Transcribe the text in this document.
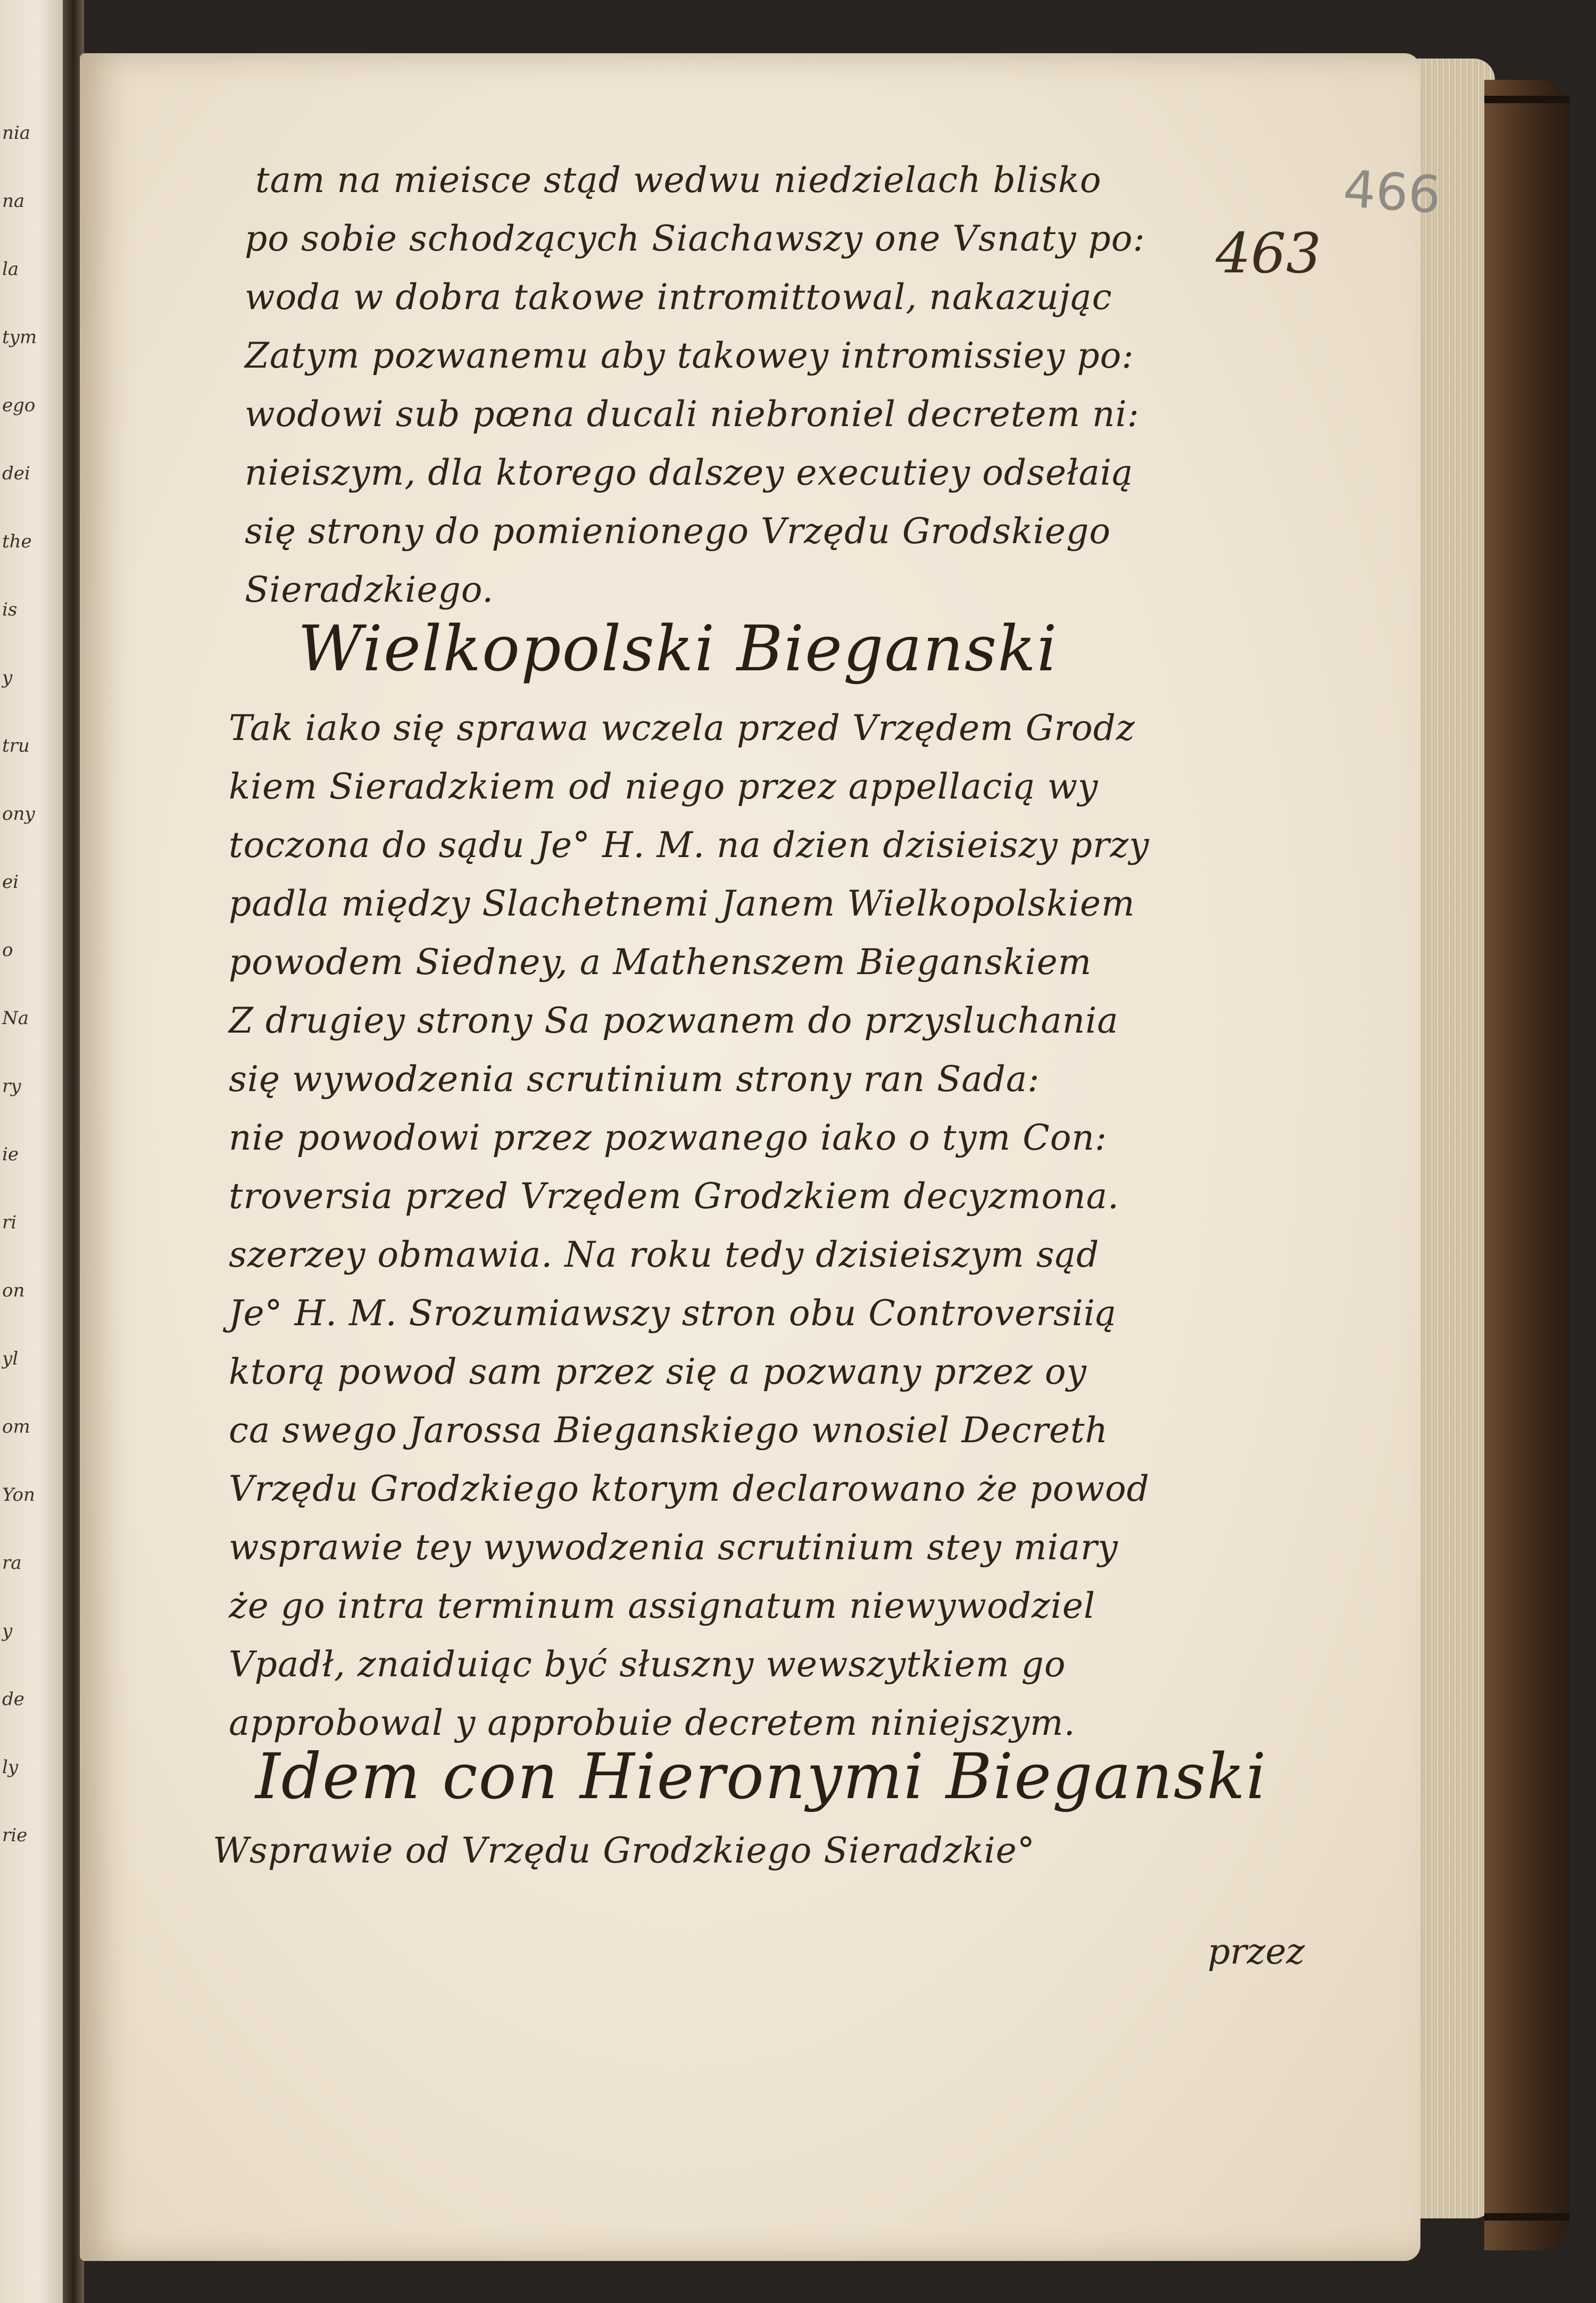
nia
na
la
tym
ego
dei
the
is
y
tru
ony
ei
o
Na
ry
ie
ri
on
yl
om
Yon
ra
y
de
ly
rie
466
463
tam na mieisce stąd wedwu niedzielach blisko
po sobie schodzących Siachawszy one Vsnaty po:
woda w dobra takowe intromittowal, nakazując
Zatym pozwanemu aby takowey intromissiey po:
wodowi sub pœna ducali niebroniel decretem ni:
nieiszym, dla ktorego dalszey executiey odsełaią
się strony do pomienionego Vrzędu Grodskiego
Sieradzkiego.
Wielkopolski Bieganski
Tak iako się sprawa wczela przed Vrzędem Grodz
kiem Sieradzkiem od niego przez appellacią wy
toczona do sądu Je° H. M. na dzien dzisieiszy przy
padla między Slachetnemi Janem Wielkopolskiem
powodem Siedney, a Mathenszem Bieganskiem
Z drugiey strony Sa pozwanem do przysluchania
się wywodzenia scrutinium strony ran Sada:
nie powodowi przez pozwanego iako o tym Con:
troversia przed Vrzędem Grodzkiem decyzmona.
szerzey obmawia. Na roku tedy dzisieiszym sąd
Je° H. M. Srozumiawszy stron obu Controversiią
ktorą powod sam przez się a pozwany przez oy
ca swego Jarossa Bieganskiego wnosiel Decreth
Vrzędu Grodzkiego ktorym declarowano że powod
wsprawie tey wywodzenia scrutinium stey miary
że go intra terminum assignatum niewywodziel
Vpadł, znaiduiąc być słuszny wewszytkiem go
approbowal y approbuie decretem niniejszym.
Idem con Hieronymi Bieganski
Wsprawie od Vrzędu Grodzkiego Sieradzkie°
przez
